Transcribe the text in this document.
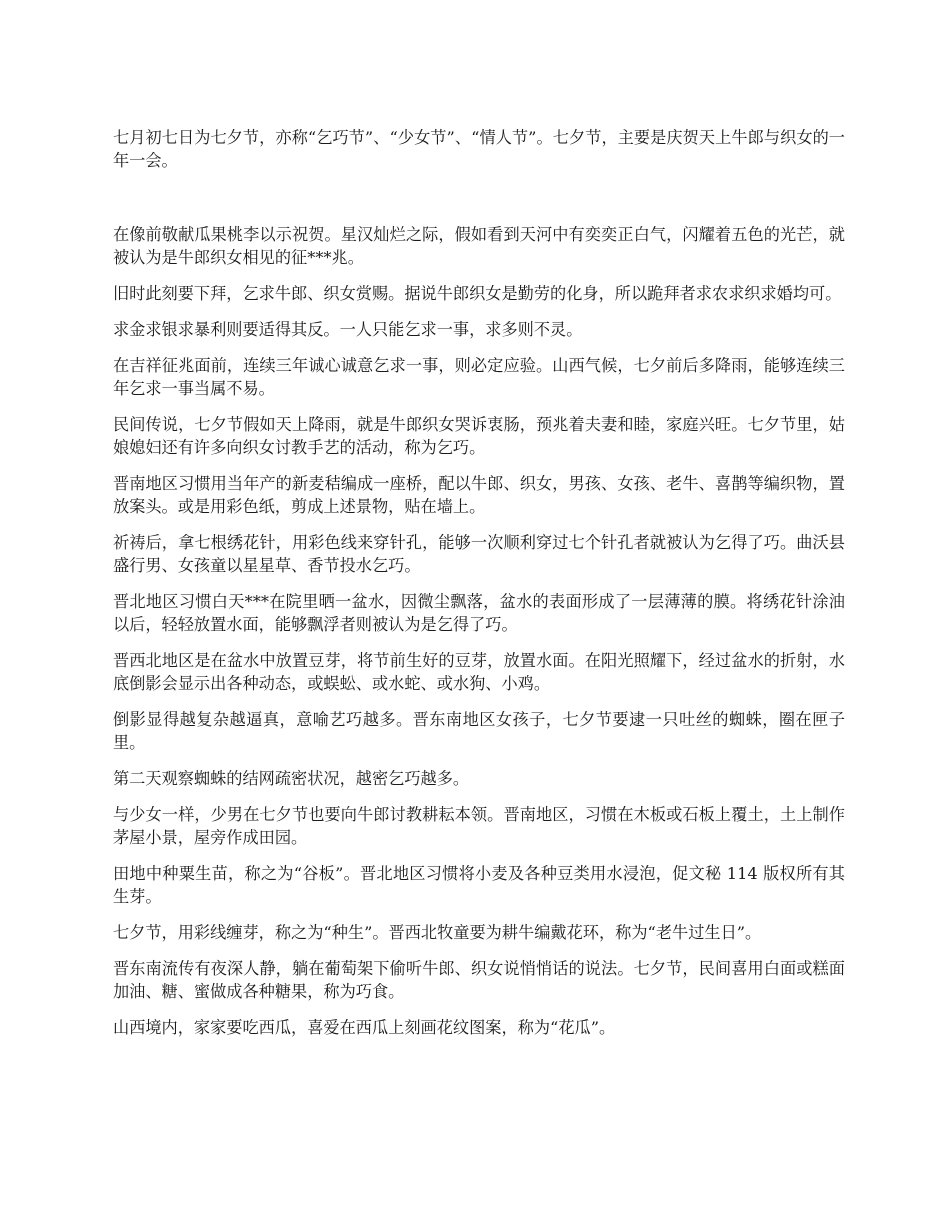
七月初七日为七夕节，亦称“乞巧节”、“少女节”、“情人节”。七夕节，主要是庆贺天上牛郎与织女的一年一会。

在像前敬献瓜果桃李以示祝贺。星汉灿烂之际，假如看到天河中有奕奕正白气，闪耀着五色的光芒，就被认为是牛郎织女相见的征***兆。

旧时此刻要下拜，乞求牛郎、织女赏赐。据说牛郎织女是勤劳的化身，所以跪拜者求农求织求婚均可。

求金求银求暴利则要适得其反。一人只能乞求一事，求多则不灵。

在吉祥征兆面前，连续三年诚心诚意乞求一事，则必定应验。山西气候，七夕前后多降雨，能够连续三年乞求一事当属不易。

民间传说，七夕节假如天上降雨，就是牛郎织女哭诉衷肠，预兆着夫妻和睦，家庭兴旺。七夕节里，姑娘媳妇还有许多向织女讨教手艺的活动，称为乞巧。

晋南地区习惯用当年产的新麦秸编成一座桥，配以牛郎、织女，男孩、女孩、老牛、喜鹊等编织物，置放案头。或是用彩色纸，剪成上述景物，贴在墙上。

祈祷后，拿七根绣花针，用彩色线来穿针孔，能够一次顺利穿过七个针孔者就被认为乞得了巧。曲沃县盛行男、女孩童以星星草、香节投水乞巧。

晋北地区习惯白天***在院里晒一盆水，因微尘飘落，盆水的表面形成了一层薄薄的膜。将绣花针涂油以后，轻轻放置水面，能够飘浮者则被认为是乞得了巧。

晋西北地区是在盆水中放置豆芽，将节前生好的豆芽，放置水面。在阳光照耀下，经过盆水的折射，水底倒影会显示出各种动态，或蜈蚣、或水蛇、或水狗、小鸡。

倒影显得越复杂越逼真，意喻艺巧越多。晋东南地区女孩子，七夕节要逮一只吐丝的蜘蛛，圈在匣子里。

第二天观察蜘蛛的结网疏密状况，越密乞巧越多。

与少女一样，少男在七夕节也要向牛郎讨教耕耘本领。晋南地区，习惯在木板或石板上覆土，土上制作茅屋小景，屋旁作成田园。

田地中种粟生苗，称之为“谷板”。晋北地区习惯将小麦及各种豆类用水浸泡，促文秘 114 版权所有其生芽。

七夕节，用彩线缠芽，称之为“种生”。晋西北牧童要为耕牛编戴花环，称为“老牛过生日”。

晋东南流传有夜深人静，躺在葡萄架下偷听牛郎、织女说悄悄话的说法。七夕节，民间喜用白面或糕面加油、糖、蜜做成各种糖果，称为巧食。

山西境内，家家要吃西瓜，喜爱在西瓜上刻画花纹图案，称为“花瓜”。
